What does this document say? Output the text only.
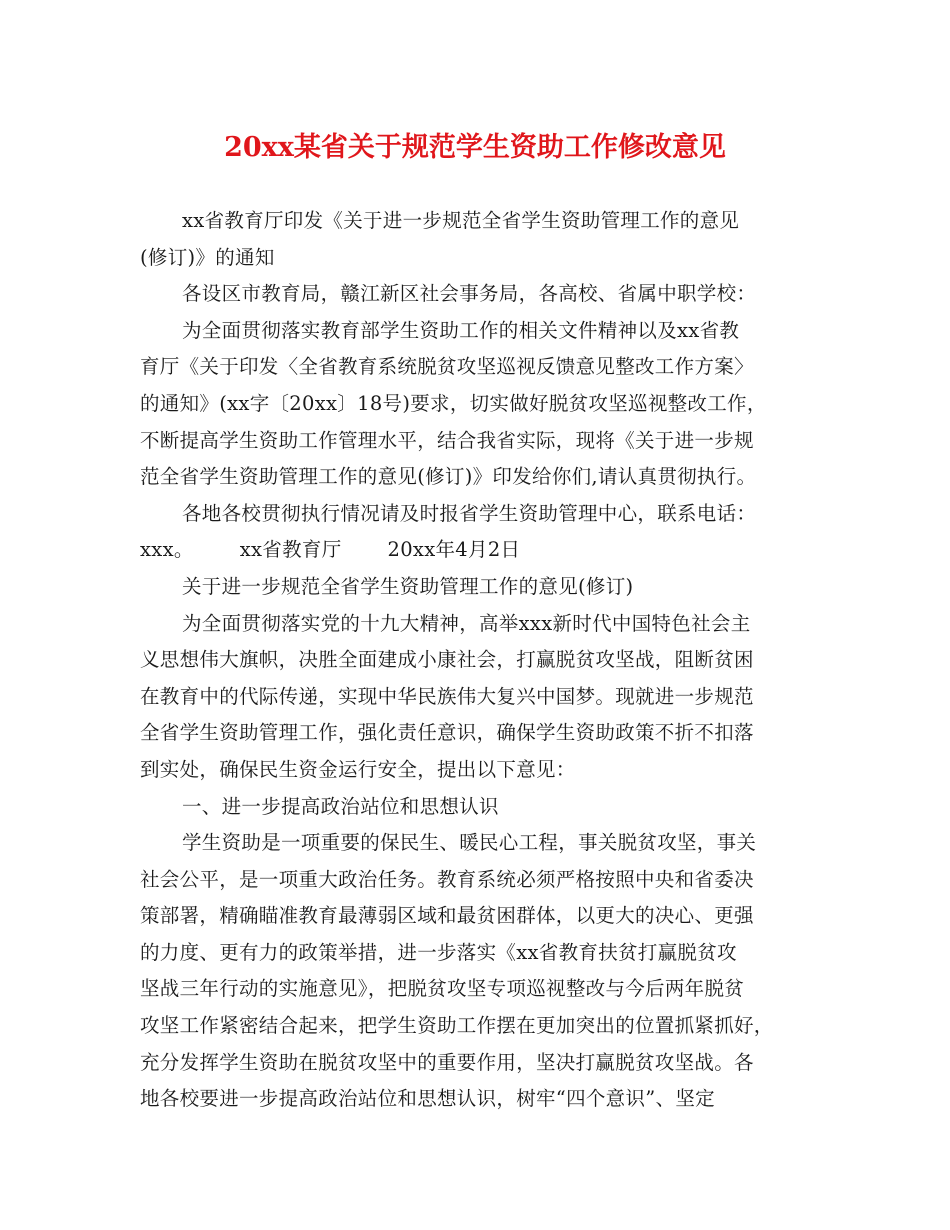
20xx某省关于规范学生资助工作修改意见
xx省教育厅印发《关于进一步规范全省学生资助管理工作的意见
(修订)》的通知
各设区市教育局，赣江新区社会事务局，各高校、省属中职学校：
为全面贯彻落实教育部学生资助工作的相关文件精神以及xx省教
育厅《关于印发〈全省教育系统脱贫攻坚巡视反馈意见整改工作方案〉
的通知》(xx字〔20xx〕18号)要求，切实做好脱贫攻坚巡视整改工作，
不断提高学生资助工作管理水平，结合我省实际，现将《关于进一步规
范全省学生资助管理工作的意见(修订)》印发给你们,请认真贯彻执行。
各地各校贯彻执行情况请及时报省学生资助管理中心，联系电话：
xxx。 xx省教育厅 20xx年4月2日
关于进一步规范全省学生资助管理工作的意见(修订)
为全面贯彻落实党的十九大精神，高举xxx新时代中国特色社会主
义思想伟大旗帜，决胜全面建成小康社会，打赢脱贫攻坚战，阻断贫困
在教育中的代际传递，实现中华民族伟大复兴中国梦。现就进一步规范
全省学生资助管理工作，强化责任意识，确保学生资助政策不折不扣落
到实处，确保民生资金运行安全，提出以下意见：
一、进一步提高政治站位和思想认识
学生资助是一项重要的保民生、暖民心工程，事关脱贫攻坚，事关
社会公平，是一项重大政治任务。教育系统必须严格按照中央和省委决
策部署，精确瞄准教育最薄弱区域和最贫困群体，以更大的决心、更强
的力度、更有力的政策举措，进一步落实《xx省教育扶贫打赢脱贫攻
坚战三年行动的实施意见》，把脱贫攻坚专项巡视整改与今后两年脱贫
攻坚工作紧密结合起来，把学生资助工作摆在更加突出的位置抓紧抓好，
充分发挥学生资助在脱贫攻坚中的重要作用，坚决打赢脱贫攻坚战。各
地各校要进一步提高政治站位和思想认识，树牢“四个意识”、坚定
